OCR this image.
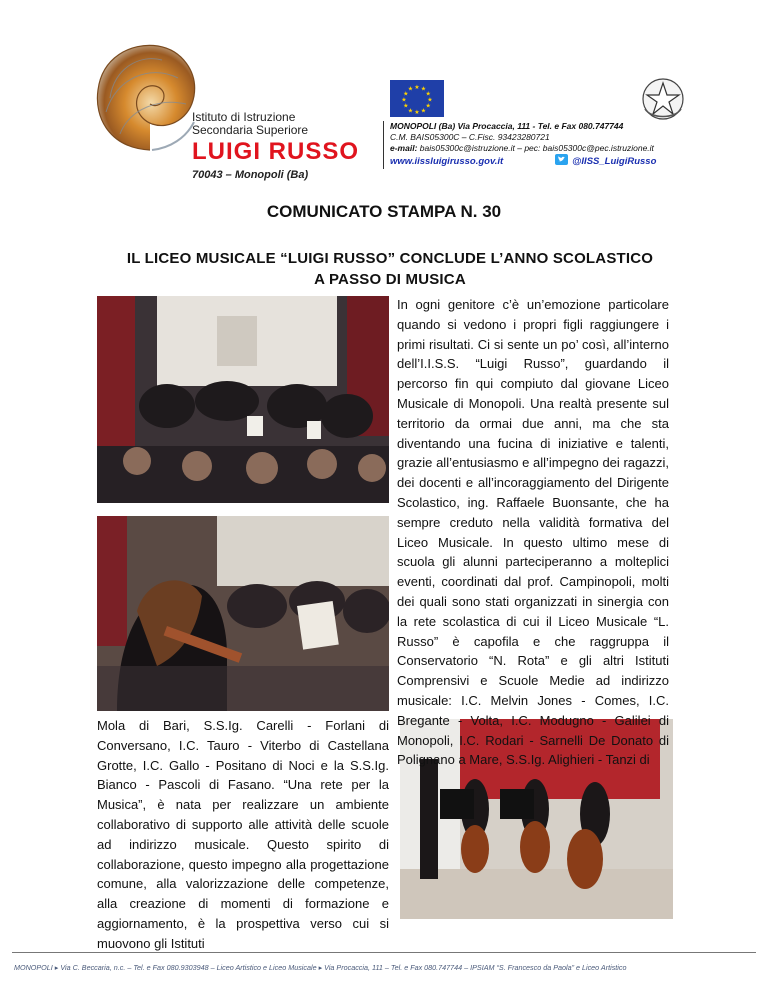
Istituto di Istruzione

Secondaria Superiore

LUIGI RUSSO
70043 – Monopoli (Ba)
★ ★
★
★
★
★
★
★
★
★
★
★
MONOPOLI (Ba) Via Procaccia, 111 - Tel. e Fax 080.747744
C.M. BAIS05300C – C.Fisc. 93423280721
e-mail: bais05300c@istruzione.it – pec: bais05300c@pec.istruzione.it
www.iissluigirusso.gov.it	@IISS_LuigiRusso
COMUNICATO STAMPA N. 30
IL LICEO MUSICALE “LUIGI RUSSO” CONCLUDE L’ANNO SCOLASTICO
A PASSO DI MUSICA

In ogni genitore c’è un’emozione particolare quando si vedono i propri figli raggiungere i primi risultati. Ci si sente un po’ così, all’interno dell’I.I.S.S. “Luigi Russo”, guardando il percorso fin qui compiuto dal giovane Liceo Musicale di Monopoli. Una realtà presente sul territorio da ormai due anni, ma che sta diventando una fucina di iniziative e talenti, grazie all’entusiasmo e all’impegno dei ragazzi, dei docenti e all’incoraggiamento del Dirigente Scolastico, ing. Raffaele Buonsante, che ha sempre creduto nella validità formativa del Liceo Musicale. In questo ultimo mese di scuola gli alunni parteciperanno a molteplici eventi, coordinati dal prof. Campinopoli, molti dei quali sono stati organizzati in sinergia con la rete scolastica di cui il Liceo Musicale “L. Russo” è capofila e che raggruppa il Conservatorio “N. Rota” e gli altri Istituti Comprensivi e Scuole Medie ad indirizzo musicale: I.C. Melvin Jones - Comes, I.C. Bregante - Volta, I.C. Modugno - Galilei di Monopoli, I.C. Rodari - Sarnelli De Donato di Polignano a Mare, S.S.Ig. Alighieri - Tanzi di

Mola di Bari, S.S.Ig. Carelli - Forlani di Conversano, I.C. Tauro - Viterbo di Castellana Grotte, I.C. Gallo - Positano di Noci e la S.S.Ig. Bianco - Pascoli di Fasano. “Una rete per la Musica”, è nata per realizzare un ambiente collaborativo di supporto alle attività delle scuole ad indirizzo musicale. Questo spirito di collaborazione, questo impegno alla progettazione comune, alla valorizzazione delle competenze, alla creazione di momenti di formazione e aggiornamento, è la prospettiva verso cui si muovono gli Istituti

MONOPOLI ▸ Via C. Beccaria, n.c. – Tel. e Fax 080.9303948 – Liceo Artistico e Liceo Musicale ▸ Via Procaccia, 111 – Tel. e Fax 080.747744 – IPSIAM “S. Francesco da Paola” e Liceo Artistico
